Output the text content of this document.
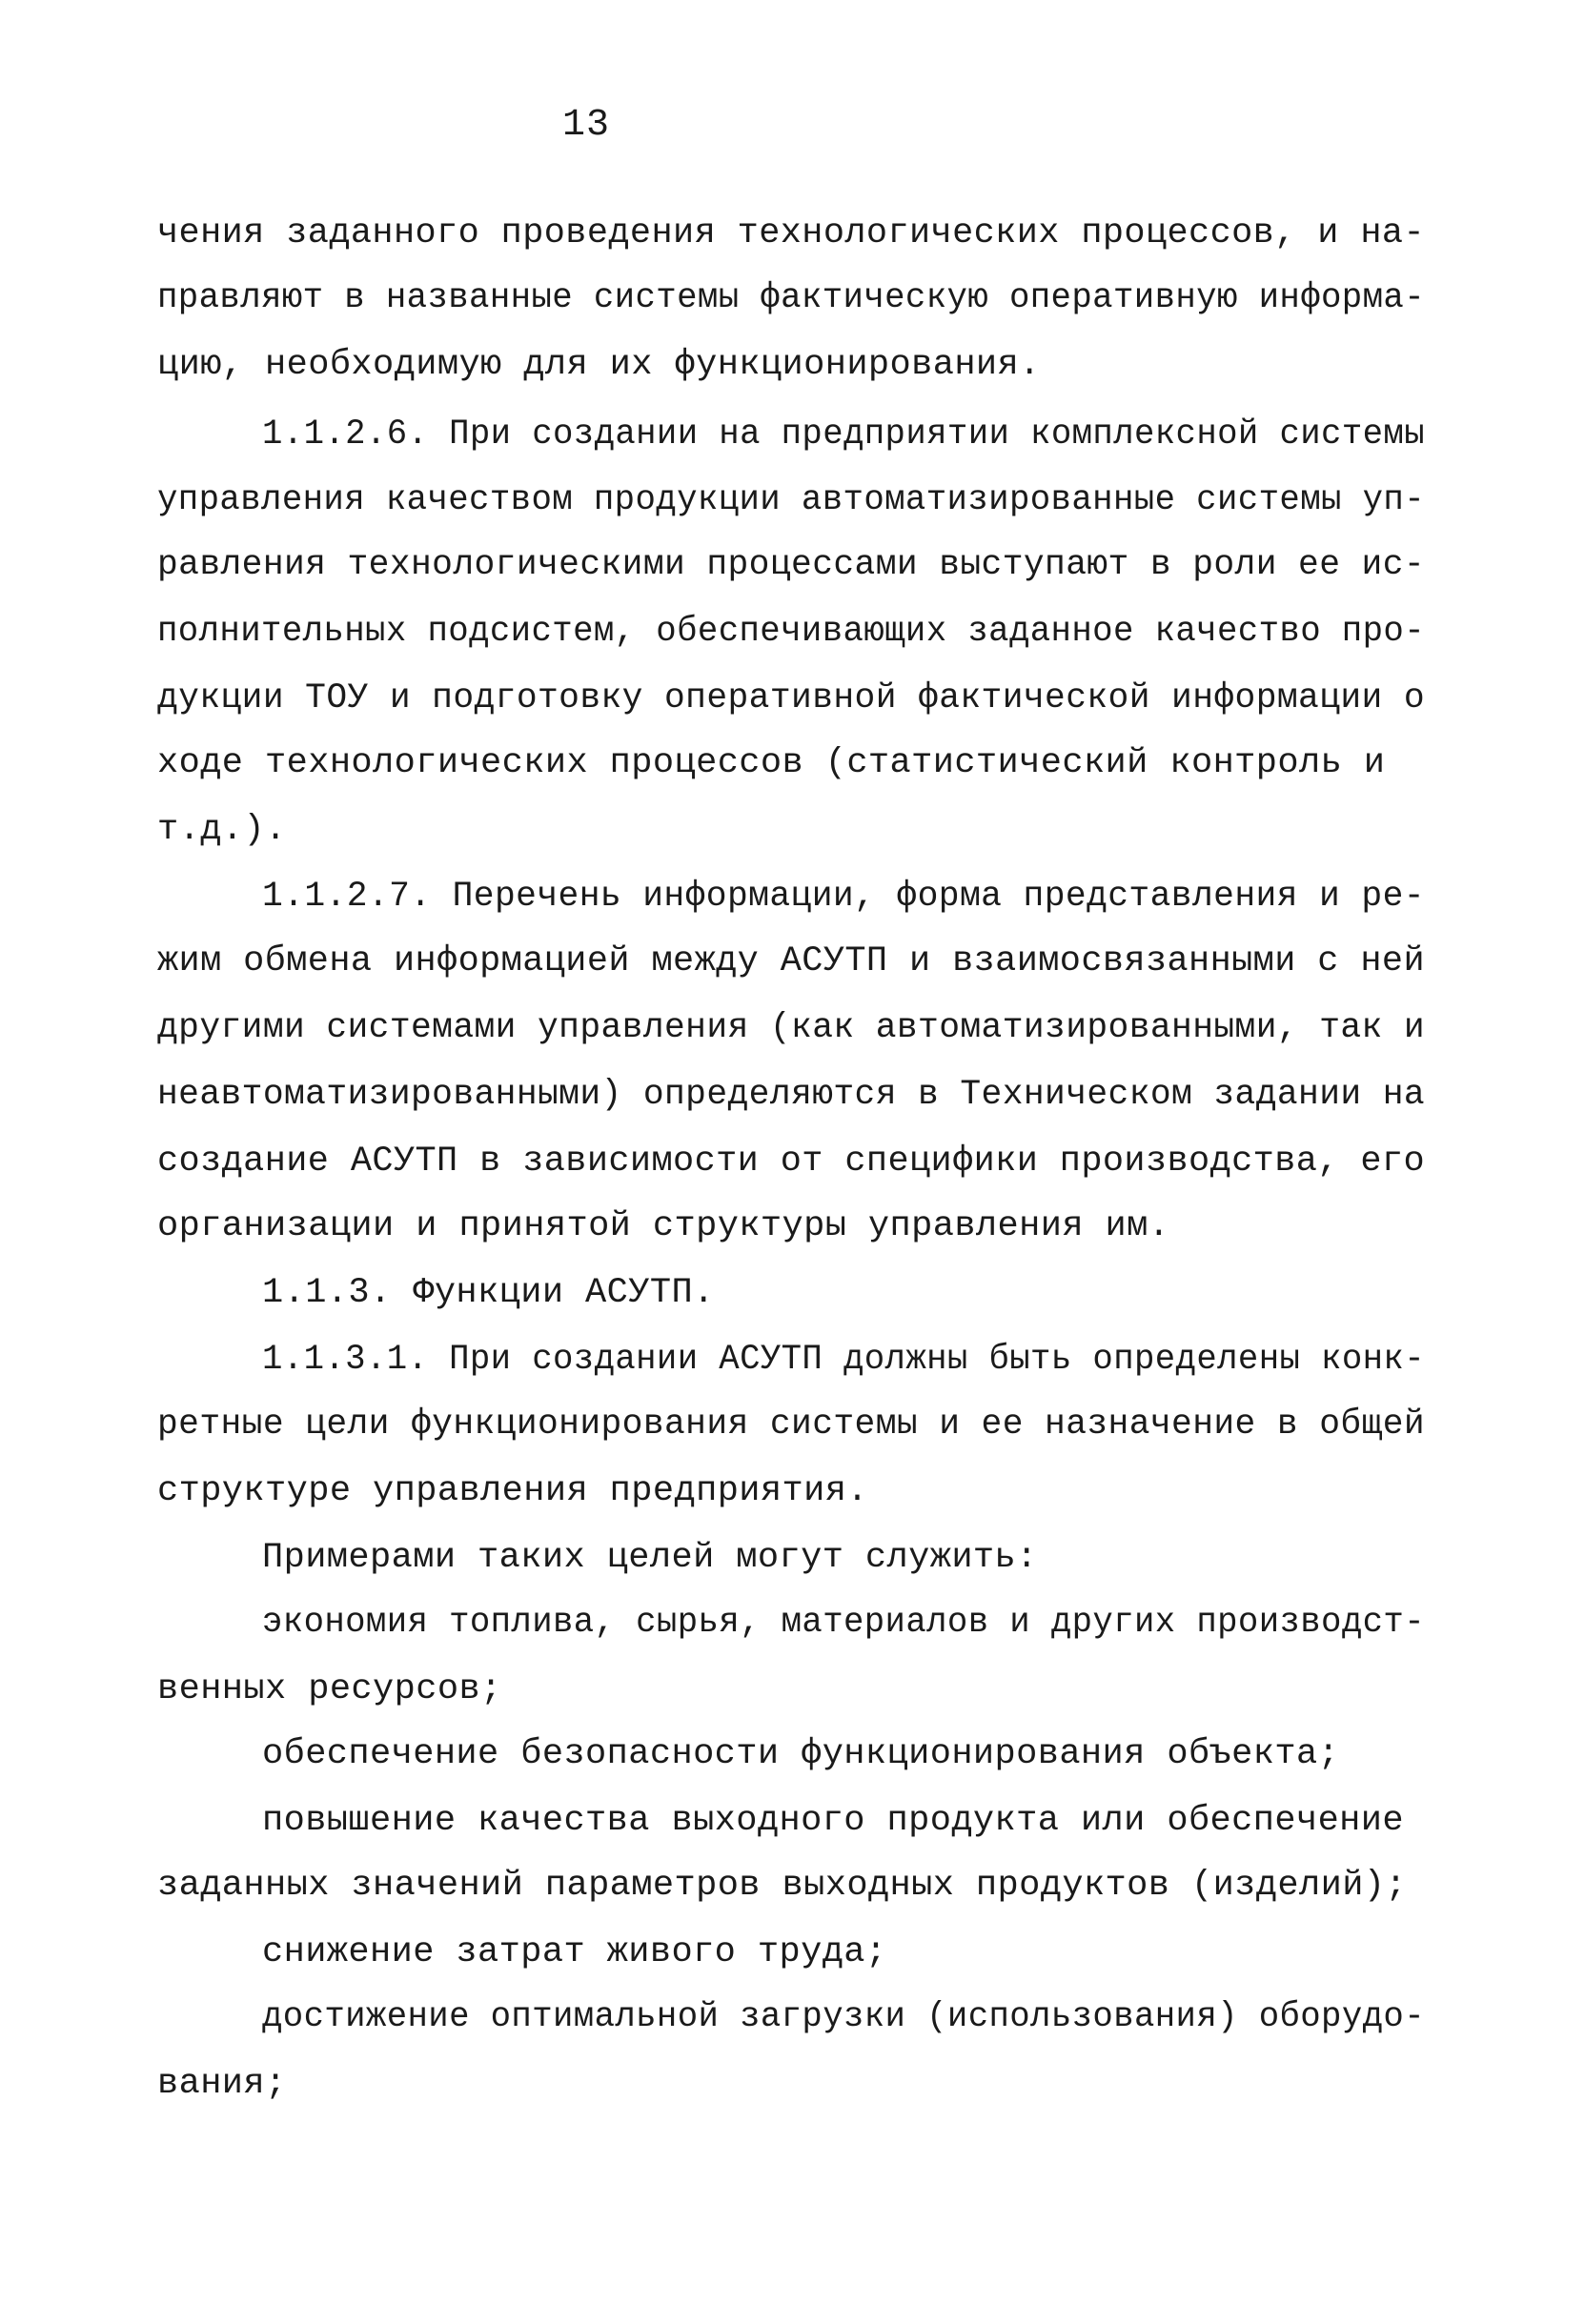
13
чения заданного проведения технологических процессов, и на-
правляют в названные системы фактическую оперативную информа-
цию, необходимую для их функционирования.
1.1.2.6. При создании на предприятии комплексной системы
управления качеством продукции автоматизированные системы уп-
равления технологическими процессами выступают в роли ее ис-
полнительных подсистем, обеспечивающих заданное качество про-
дукции ТОУ и подготовку оперативной фактической информации о
ходе технологических процессов (статистический контроль и
т.д.).
1.1.2.7. Перечень информации, форма представления и ре-
жим обмена информацией между АСУТП и взаимосвязанными с ней
другими системами управления (как автоматизированными, так и
неавтоматизированными) определяются в Техническом задании на
создание АСУТП в зависимости от специфики производства, его
организации и принятой структуры управления им.
1.1.3. Функции АСУТП.
1.1.3.1. При создании АСУТП должны быть определены конк-
ретные цели функционирования системы и ее назначение в общей
структуре управления предприятия.
Примерами таких целей могут служить:
экономия топлива, сырья, материалов и других производст-
венных ресурсов;
обеспечение безопасности функционирования объекта;
повышение качества выходного продукта или обеспечение
заданных значений параметров выходных продуктов (изделий);
снижение затрат живого труда;
достижение оптимальной загрузки (использования) оборудо-
вания;
